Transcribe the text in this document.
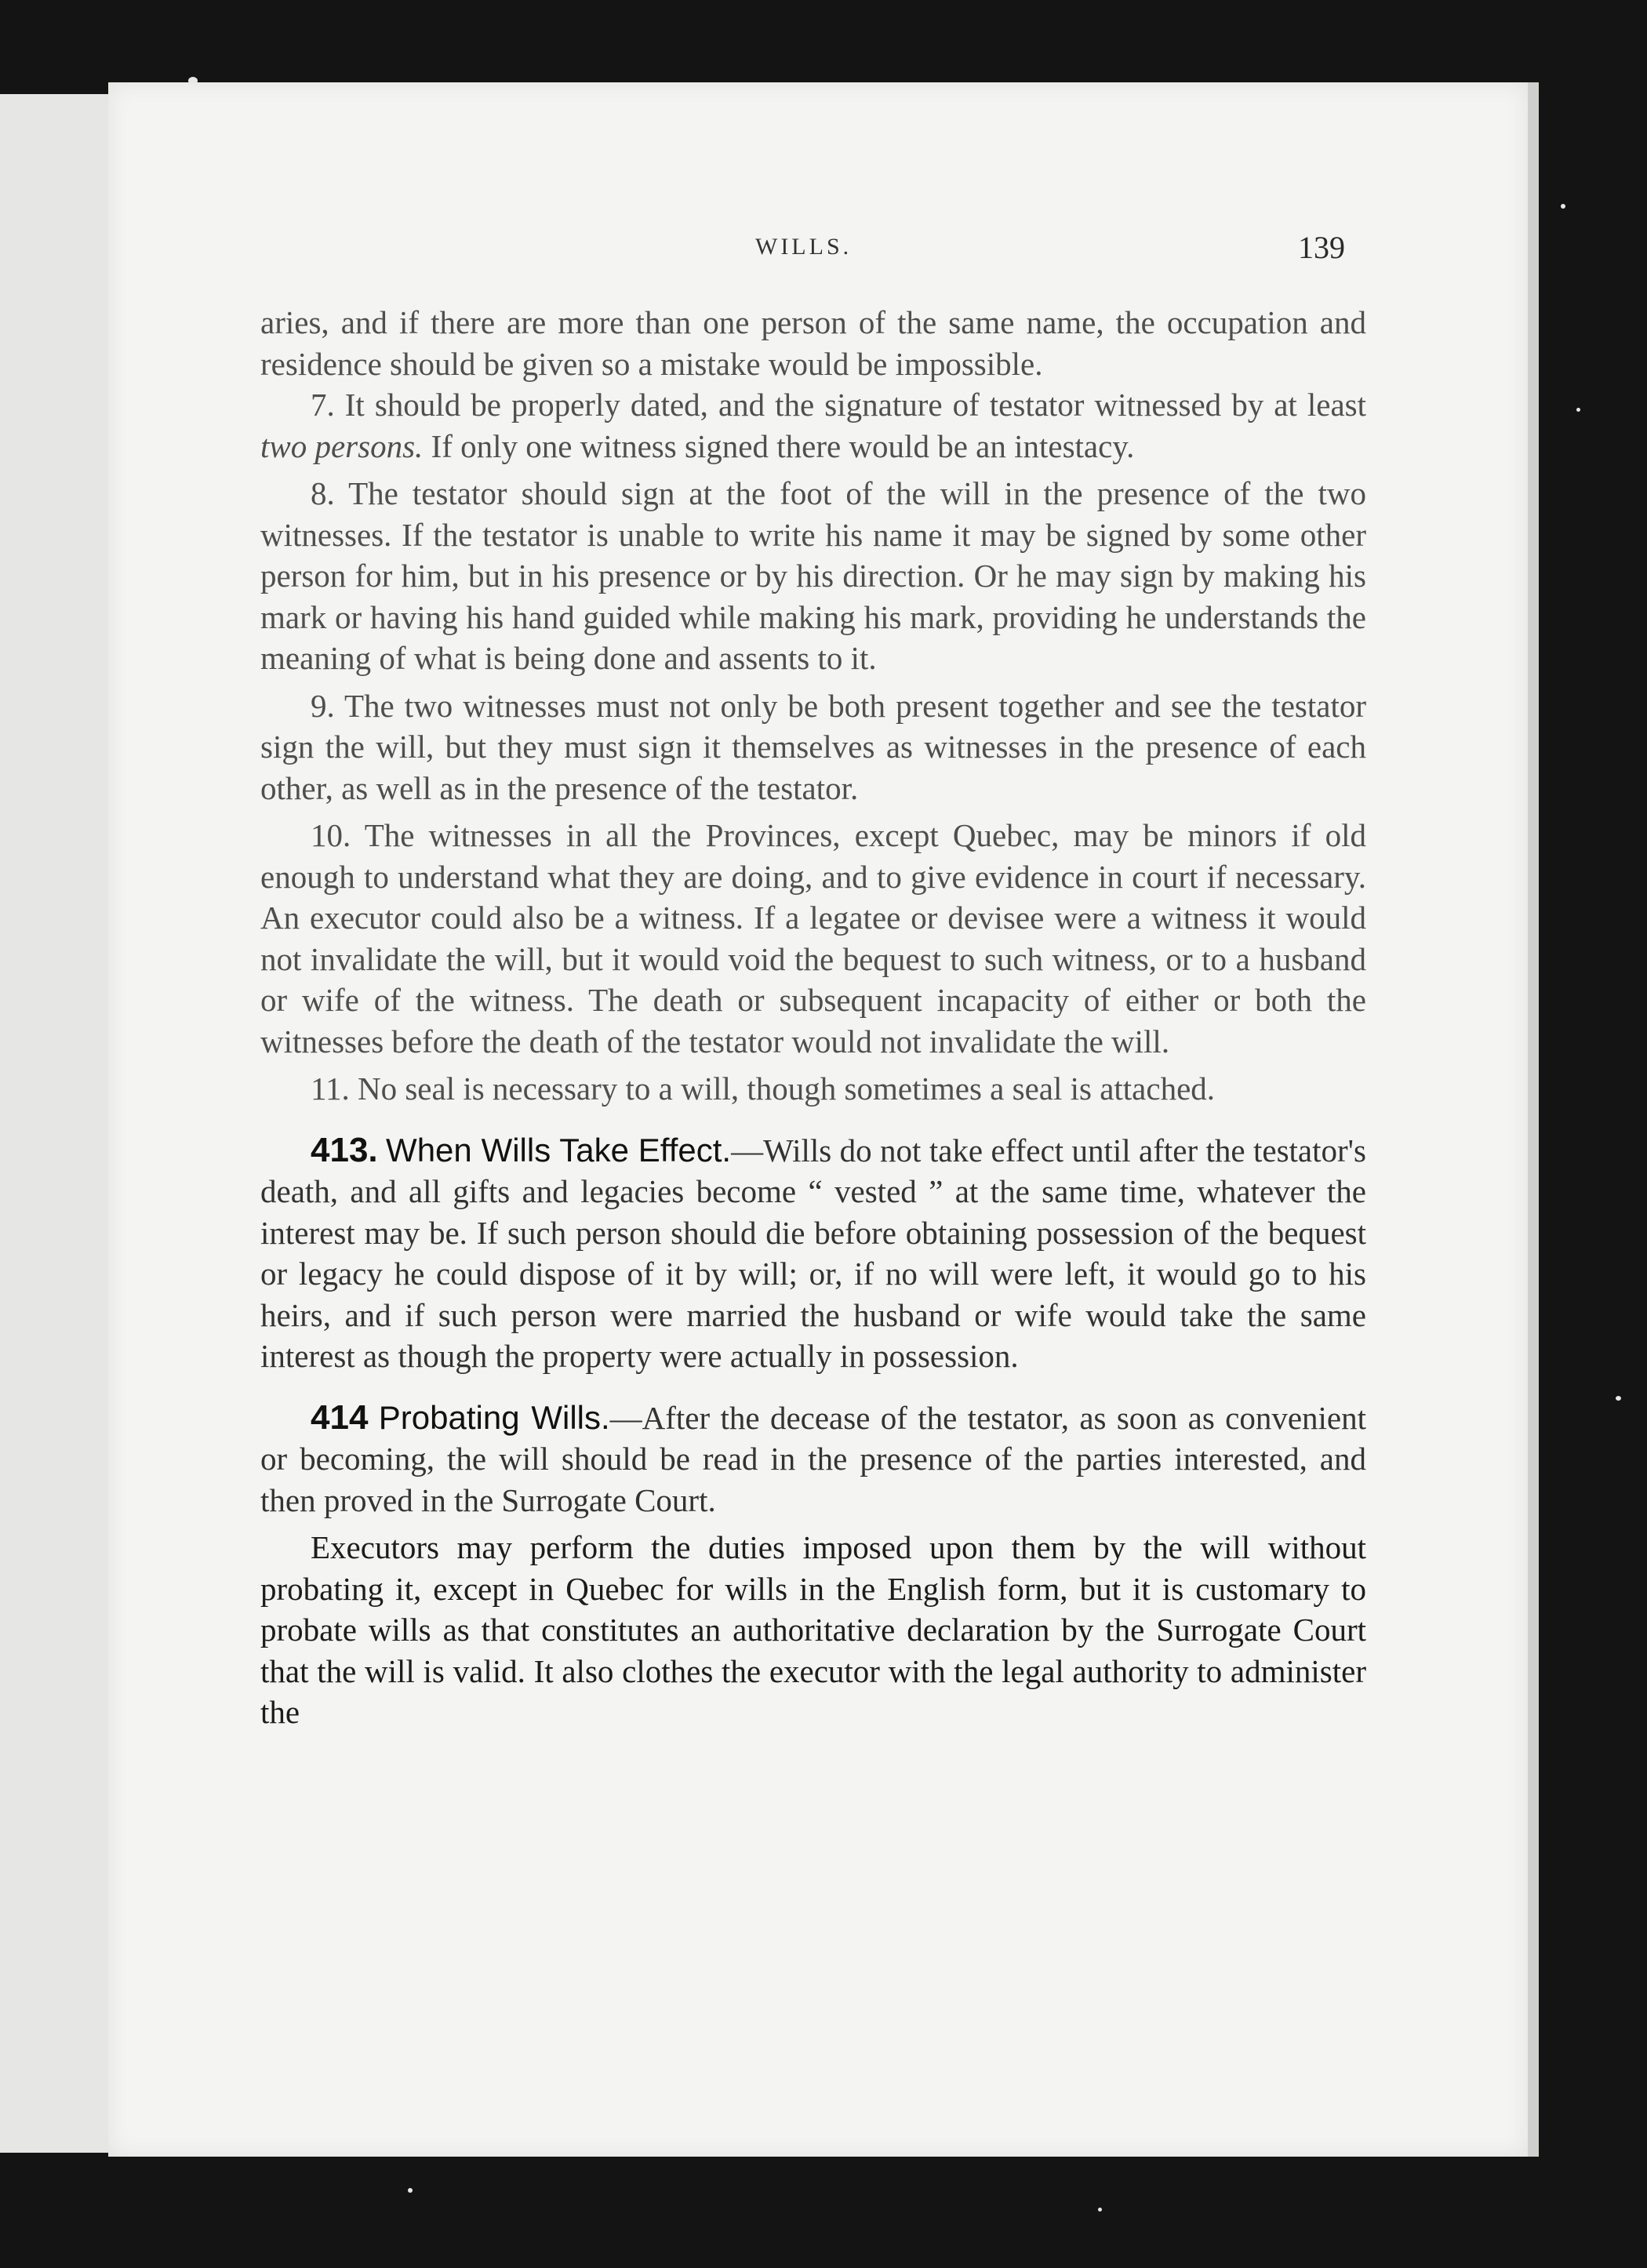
WILLS.	139

aries, and if there are more than one person of the same name, the occupation and residence should be given so a mistake would be impossible.

7. It should be properly dated, and the signature of testator witnessed by at least two persons. If only one witness signed there would be an intestacy.

8. The testator should sign at the foot of the will in the presence of the two witnesses. If the testator is unable to write his name it may be signed by some other person for him, but in his presence or by his direction. Or he may sign by making his mark or having his hand guided while making his mark, providing he understands the meaning of what is being done and assents to it.

9. The two witnesses must not only be both present together and see the testator sign the will, but they must sign it themselves as witnesses in the presence of each other, as well as in the presence of the testator.

10. The witnesses in all the Provinces, except Quebec, may be minors if old enough to understand what they are doing, and to give evidence in court if necessary. An executor could also be a witness. If a legatee or devisee were a witness it would not invalidate the will, but it would void the bequest to such witness, or to a husband or wife of the witness. The death or subsequent incapacity of either or both the witnesses before the death of the testator would not invalidate the will.

11. No seal is necessary to a will, though sometimes a seal is attached.

413. When Wills Take Effect.—Wills do not take effect until after the testator's death, and all gifts and legacies become “ vested ” at the same time, whatever the interest may be. If such person should die before obtaining possession of the bequest or legacy he could dispose of it by will; or, if no will were left, it would go to his heirs, and if such person were married the husband or wife would take the same interest as though the property were actually in possession.

414 Probating Wills.—After the decease of the testator, as soon as convenient or becoming, the will should be read in the presence of the parties interested, and then proved in the Surrogate Court.

Executors may perform the duties imposed upon them by the will without probating it, except in Quebec for wills in the English form, but it is customary to probate wills as that constitutes an authoritative declaration by the Surrogate Court that the will is valid. It also clothes the executor with the legal authority to administer the
